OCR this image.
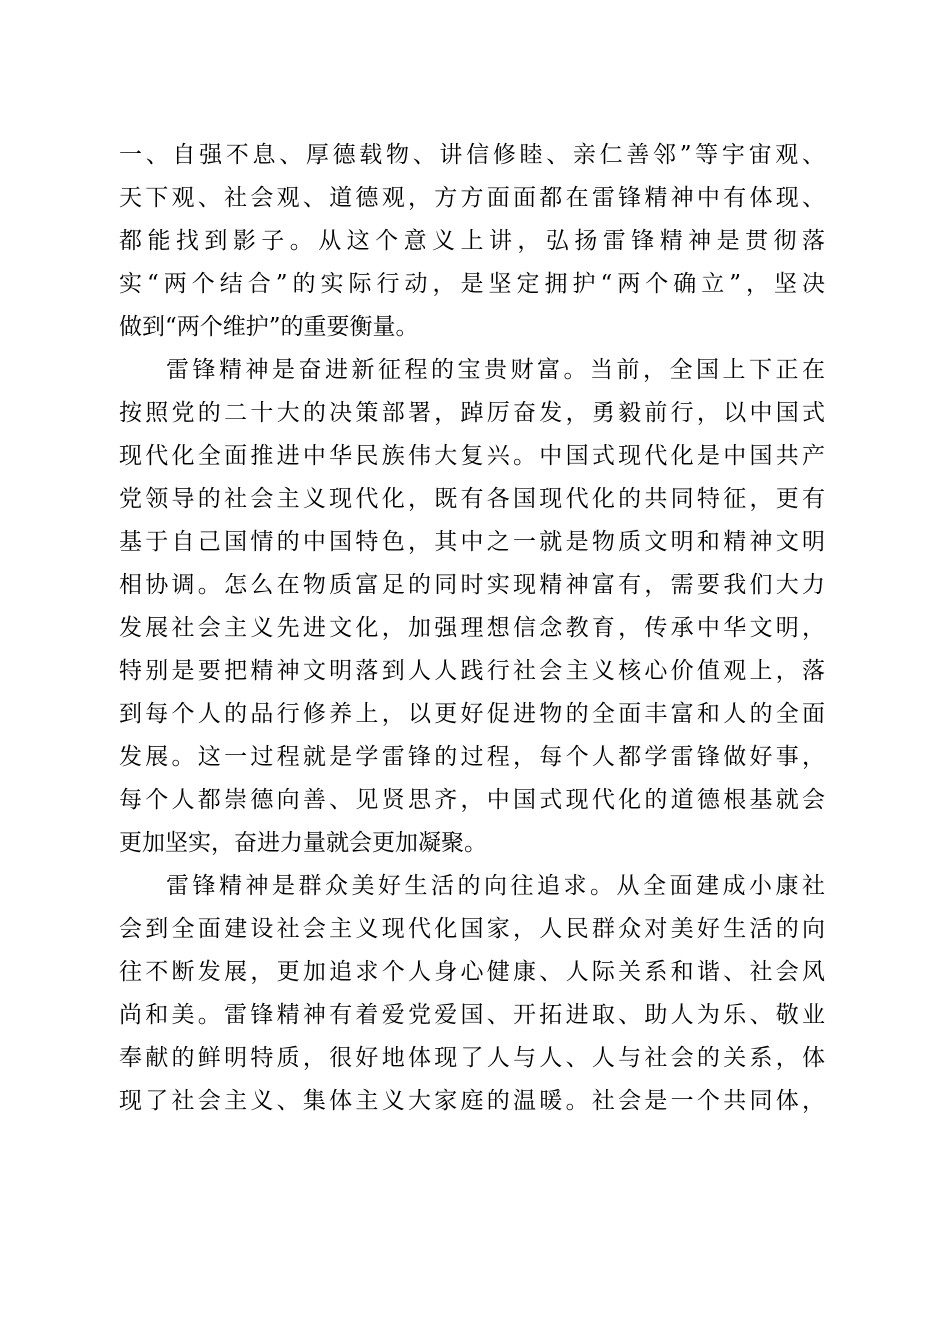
一、自强不息、厚德载物、讲信修睦、亲仁善邻”等宇宙观、
天下观、社会观、道德观，方方面面都在雷锋精神中有体现、
都能找到影子。从这个意义上讲，弘扬雷锋精神是贯彻落
实“两个结合”的实际行动，是坚定拥护“两个确立”，坚决
做到“两个维护”的重要衡量。
雷锋精神是奋进新征程的宝贵财富。当前，全国上下正在
按照党的二十大的决策部署，踔厉奋发，勇毅前行，以中国式
现代化全面推进中华民族伟大复兴。中国式现代化是中国共产
党领导的社会主义现代化，既有各国现代化的共同特征，更有
基于自己国情的中国特色，其中之一就是物质文明和精神文明
相协调。怎么在物质富足的同时实现精神富有，需要我们大力
发展社会主义先进文化，加强理想信念教育，传承中华文明，
特别是要把精神文明落到人人践行社会主义核心价值观上，落
到每个人的品行修养上，以更好促进物的全面丰富和人的全面
发展。这一过程就是学雷锋的过程，每个人都学雷锋做好事，
每个人都崇德向善、见贤思齐，中国式现代化的道德根基就会
更加坚实，奋进力量就会更加凝聚。
雷锋精神是群众美好生活的向往追求。从全面建成小康社
会到全面建设社会主义现代化国家，人民群众对美好生活的向
往不断发展，更加追求个人身心健康、人际关系和谐、社会风
尚和美。雷锋精神有着爱党爱国、开拓进取、助人为乐、敬业
奉献的鲜明特质，很好地体现了人与人、人与社会的关系，体
现了社会主义、集体主义大家庭的温暖。社会是一个共同体，
